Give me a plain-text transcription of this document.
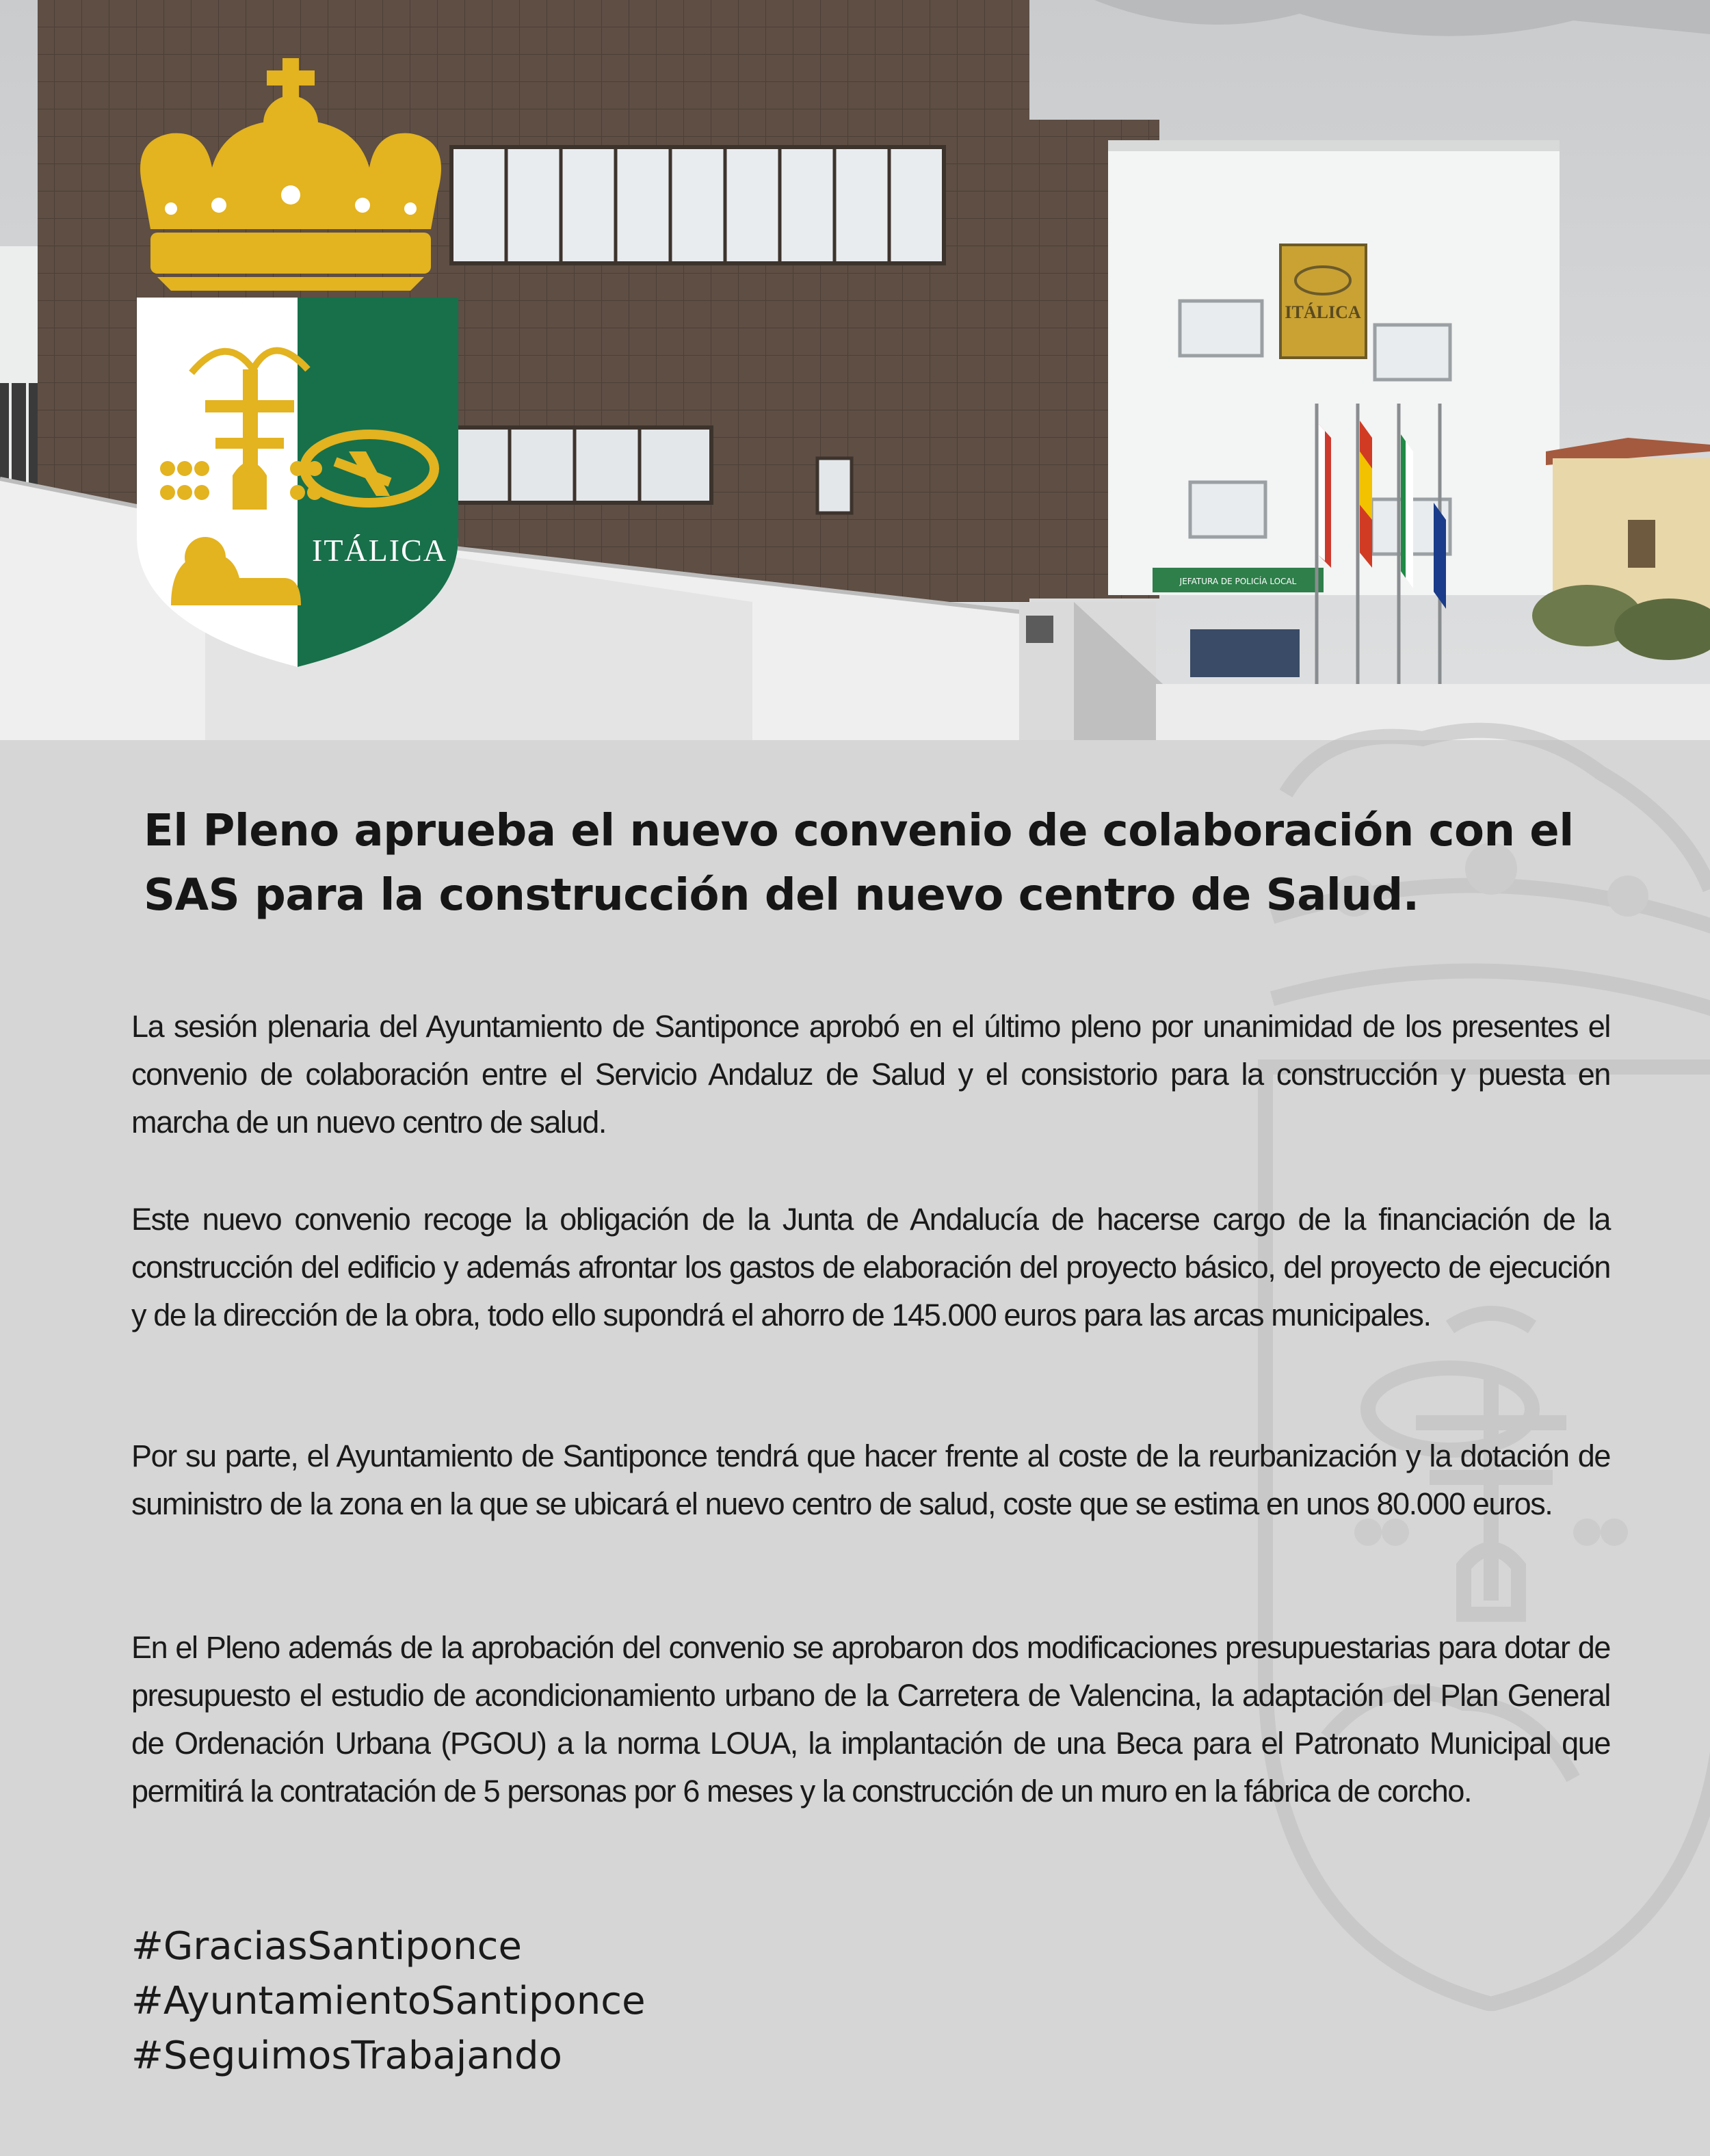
ITÁLICA
JEFATURA DE POLICÍA LOCAL
ITÁLICA
El Pleno aprueba el nuevo convenio de colaboración con el SAS para la construcción del nuevo centro de Salud.

La sesión plenaria del Ayuntamiento de Santiponce aprobó en el último pleno por unanimidad de los presentes el convenio de colaboración entre el Servicio Andaluz de Salud y el consistorio para la construcción y puesta en marcha de un nuevo centro de salud.

Este nuevo convenio recoge la obligación de la Junta de Andalucía de hacerse cargo de la financiación de la construcción del edificio y además afrontar los gastos de elaboración del proyecto básico, del proyecto de ejecución y de la dirección de la obra, todo ello supondrá el ahorro de 145.000 euros para las arcas municipales.

Por su parte, el Ayuntamiento de Santiponce tendrá que hacer frente al coste de la reurbanización y la dotación de suministro de la zona en la que se ubicará el nuevo centro de salud, coste que se estima en unos 80.000 euros.

En el Pleno además de la aprobación del convenio se aprobaron dos modificaciones presupuestarias para dotar de presupuesto el estudio de acondicionamiento urbano de la Carretera de Valencina, la adaptación del Plan General de Ordenación Urbana (PGOU) a la norma LOUA, la implantación de una Beca para el Patronato Municipal que permitirá la contratación de 5 personas por 6 meses y la construcción de un muro en la fábrica de corcho.

#GraciasSantiponce
#AyuntamientoSantiponce
#SeguimosTrabajando
